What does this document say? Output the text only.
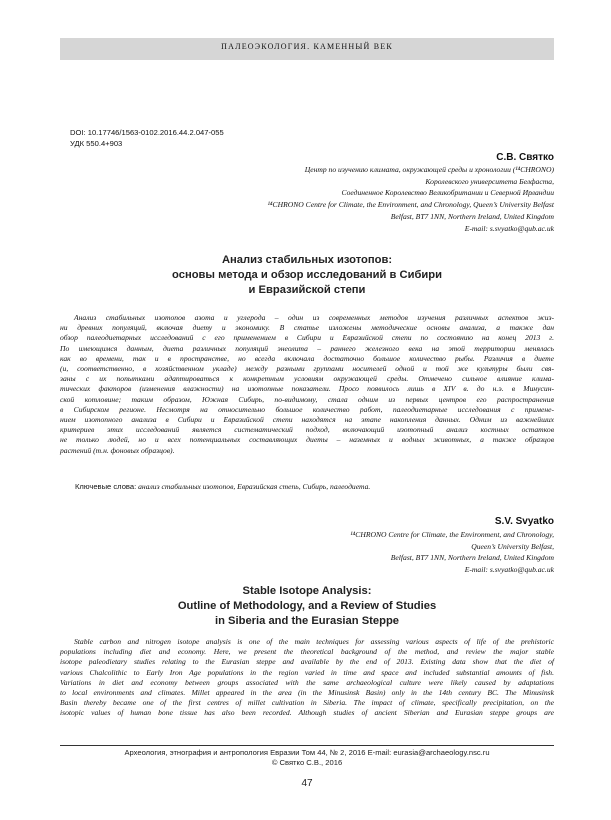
ПАЛЕОЭКОЛОГИЯ. КАМЕННЫЙ ВЕК
DOI: 10.17746/1563-0102.2016.44.2.047-055
УДК 550.4+903
С.В. Святко
Центр по изучению климата, окружающей среды и хронологии (¹⁴CHRONO)
Королевского университета Белфаста,
Соединенное Королевство Великобритании и Северной Ирландии
¹⁴CHRONO Centre for Climate, the Environment, and Chronology, Queen’s University Belfast
Belfast, BT7 1NN, Northern Ireland, United Kingdom
E-mail: s.svyatko@qub.ac.uk
Анализ стабильных изотопов:
основы метода и обзор исследований в Сибири
и Евразийской степи
Анализ стабильных изотопов азота и углерода – один из современных методов изучения различных аспектов жиз-
ни древних популяций, включая диету и экономику. В статье изложены методические основы анализа, а также дан
обзор палеодиетарных исследований с его применением в Сибири и Евразийской степи по состоянию на конец 2013 г.
По имеющимся данным, диета различных популяций энеолита – раннего железного века на этой территории менялась
как во времени, так и в пространстве, но всегда включала достаточно большое количество рыбы. Различия в диете
(и, соответственно, в хозяйственном укладе) между разными группами носителей одной и той же культуры были свя-
заны с их попытками адаптироваться к конкретным условиям окружающей среды. Отмечено сильное влияние клима-
тических факторов (изменения влажности) на изотопные показатели. Просо появилось лишь в XIV в. до н.э. в Минусин-
ской котловине; таким образом, Южная Сибирь, по-видимому, стала одним из первых центров его распространения
в Сибирском регионе. Несмотря на относительно большое количество работ, палеодиетарные исследования с примене-
нием изотопного анализа в Сибири и Евразийской степи находятся на этапе накопления данных. Одним из важнейших
критериев этих исследований является систематический подход, включающий изотопный анализ костных остатков
не только людей, но и всех потенциальных составляющих диеты – наземных и водных животных, а также образцов
растений (т.н. фоновых образцов).
Ключевые слова: анализ стабильных изотопов, Евразийская степь, Сибирь, палеодиета.
S.V. Svyatko
¹⁴CHRONO Centre for Climate, the Environment, and Chronology,
Queen’s University Belfast,
Belfast, BT7 1NN, Northern Ireland, United Kingdom
E-mail: s.svyatko@qub.ac.uk
Stable Isotope Analysis:
Outline of Methodology, and a Review of Studies
in Siberia and the Eurasian Steppe
Stable carbon and nitrogen isotope analysis is one of the main techniques for assessing various aspects of life of the prehistoric
populations including diet and economy. Here, we present the theoretical background of the method, and review the major stable
isotope paleodietary studies relating to the Eurasian steppe and available by the end of 2013. Existing data show that the diet of
various Chalcolithic to Early Iron Age populations in the region varied in time and space and included substantial amounts of fish.
Variations in diet and economy between groups associated with the same archaeological culture were likely caused by adaptations
to local environments and climates. Millet appeared in the area (in the Minusinsk Basin) only in the 14th century BC. The Minusinsk
Basin thereby became one of the first centres of millet cultivation in Siberia. The impact of climate, specifically precipitation, on the
isotopic values of human bone tissue has also been recorded. Although studies of ancient Siberian and Eurasian steppe groups are
Археология, этнография и антропология Евразии Том 44, № 2, 2016 E-mail: eurasia@archaeology.nsc.ru
© Святко С.В., 2016
47
